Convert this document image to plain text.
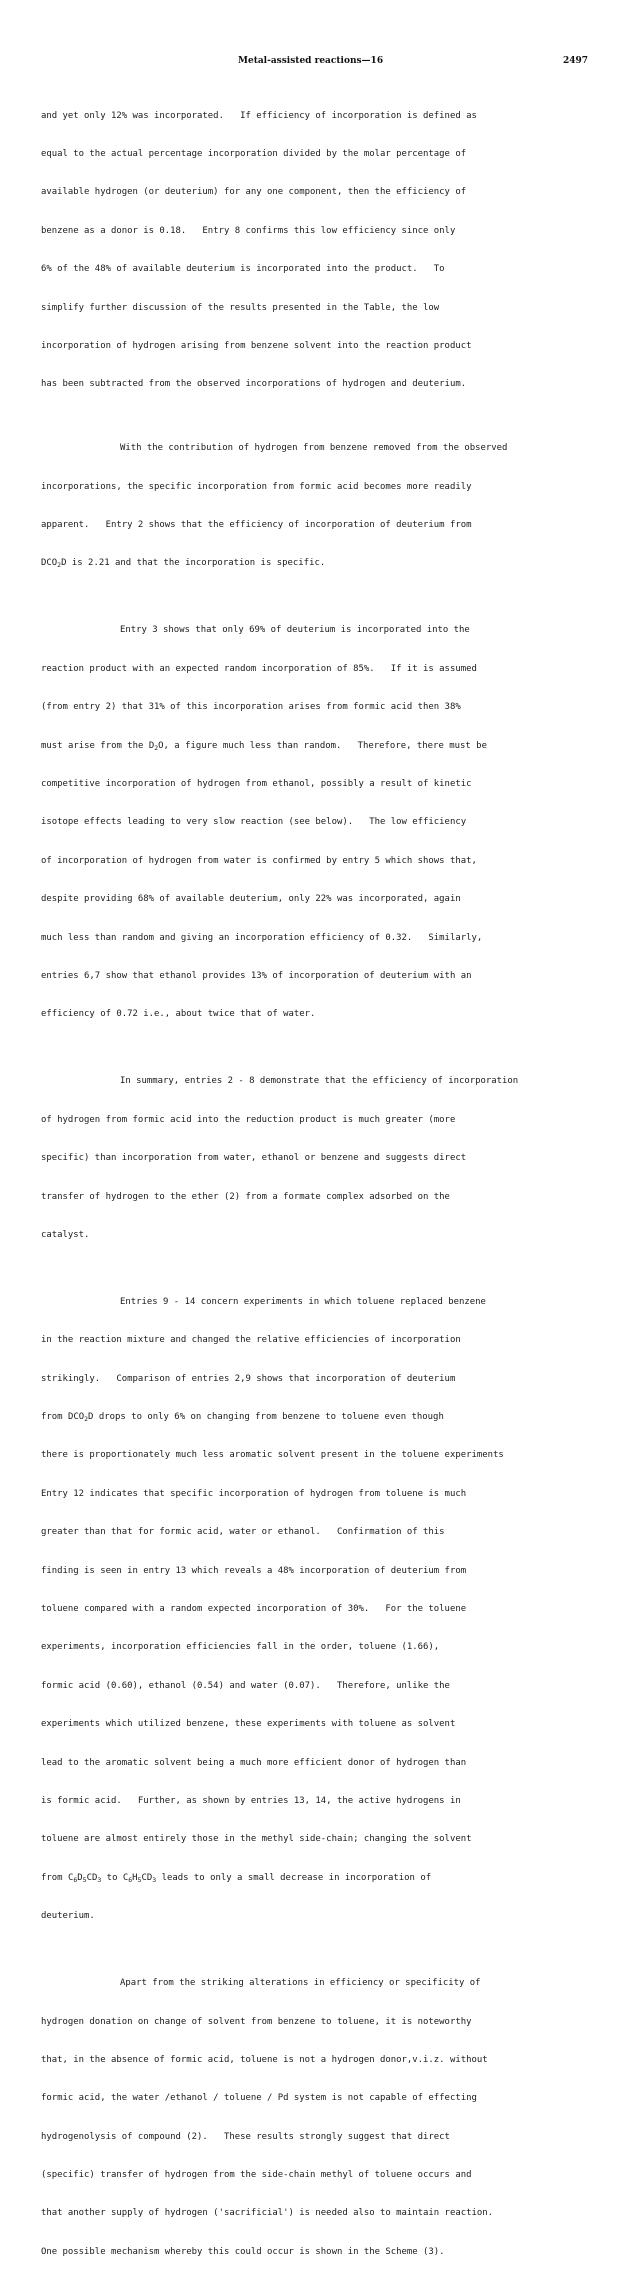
Metal-assisted reactions—16	2497

and yet only 12% was incorporated.   If efficiency of incorporation is defined as

equal to the actual percentage incorporation divided by the molar percentage of

available hydrogen (or deuterium) for any one component, then the efficiency of

benzene as a donor is 0.18.   Entry 8 confirms this low efficiency since only

6% of the 48% of available deuterium is incorporated into the product.   To

simplify further discussion of the results presented in the Table, the low

incorporation of hydrogen arising from benzene solvent into the reaction product

has been subtracted from the observed incorporations of hydrogen and deuterium.

With the contribution of hydrogen from benzene removed from the observed

incorporations, the specific incorporation from formic acid becomes more readily

apparent.   Entry 2 shows that the efficiency of incorporation of deuterium from

$DCO_2D$ is 2.21 and that the incorporation is specific.

Entry 3 shows that only 69% of deuterium is incorporated into the

reaction product with an expected random incorporation of 85%.   If it is assumed

(from entry 2) that 31% of this incorporation arises from formic acid then 38%

must arise from the $D_2O$, a figure much less than random. Therefore, there must be

competitive incorporation of hydrogen from ethanol, possibly a result of kinetic

isotope effects leading to very slow reaction (see below).   The low efficiency

of incorporation of hydrogen from water is confirmed by entry 5 which shows that,

despite providing 68% of available deuterium, only 22% was incorporated, again

much less than random and giving an incorporation efficiency of 0.32.   Similarly,

entries 6,7 show that ethanol provides 13% of incorporation of deuterium with an

efficiency of 0.72 i.e., about twice that of water.

In summary, entries 2 - 8 demonstrate that the efficiency of incorporation

of hydrogen from formic acid into the reduction product is much greater (more

specific) than incorporation from water, ethanol or benzene and suggests direct

transfer of hydrogen to the ether (2) from a formate complex adsorbed on the

catalyst.

Entries 9 - 14 concern experiments in which toluene replaced benzene

in the reaction mixture and changed the relative efficiencies of incorporation

strikingly.   Comparison of entries 2,9 shows that incorporation of deuterium

from $DCO_2D$ drops to only 6% on changing from benzene to toluene even though

there is proportionately much less aromatic solvent present in the toluene experiments

Entry 12 indicates that specific incorporation of hydrogen from toluene is much

greater than that for formic acid, water or ethanol.   Confirmation of this

finding is seen in entry 13 which reveals a 48% incorporation of deuterium from

toluene compared with a random expected incorporation of 30%.   For the toluene

experiments, incorporation efficiencies fall in the order, toluene (1.66),

formic acid (0.60), ethanol (0.54) and water (0.07).   Therefore, unlike the

experiments which utilized benzene, these experiments with toluene as solvent

lead to the aromatic solvent being a much more efficient donor of hydrogen than

is formic acid.   Further, as shown by entries 13, 14, the active hydrogens in

toluene are almost entirely those in the methyl side-chain; changing the solvent

from $C_6D_5CD_3$ to $C_6H_5CD_3$ leads to only a small decrease in incorporation of

deuterium.

Apart from the striking alterations in efficiency or specificity of

hydrogen donation on change of solvent from benzene to toluene, it is noteworthy

that, in the absence of formic acid, toluene is not a hydrogen donor,v.i.z. without

formic acid, the water /ethanol / toluene / Pd system is not capable of effecting

hydrogenolysis of compound (2).   These results strongly suggest that direct

(specific) transfer of hydrogen from the side-chain methyl of toluene occurs and

that another supply of hydrogen ('sacrificial') is needed also to maintain reaction.

One possible mechanism whereby this could occur is shown in the Scheme (3).
